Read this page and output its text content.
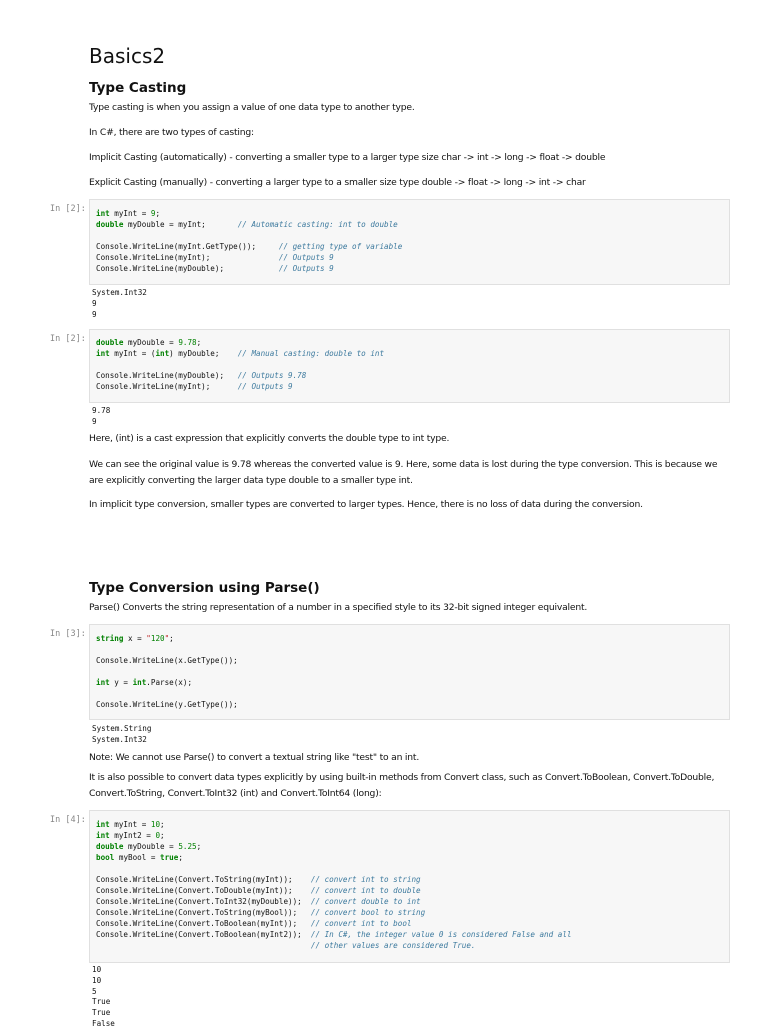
Basics2
Type Casting

Type casting is when you assign a value of one data type to another type.

In C#, there are two types of casting:

Implicit Casting (automatically) - converting a smaller type to a larger type size char -> int -> long -> float -> double

Explicit Casting (manually) - converting a larger type to a smaller size type double -> float -> long -> int -> char

In [2]: int myInt = 9;
double myDouble = myInt;       // Automatic casting: int to double

Console.WriteLine(myInt.GetType());	// getting type of variable
Console.WriteLine(myInt);	// Outputs 9
Console.WriteLine(myDouble);	// Outputs 9
System.Int32
9
9
In [2]: double myDouble = 9.78;
int myInt = (int) myDouble;    // Manual casting: double to int

Console.WriteLine(myDouble);   // Outputs 9.78
Console.WriteLine(myInt);	// Outputs 9
9.78
9

Here, (int) is a cast expression that explicitly converts the double type to int type.

We can see the original value is 9.78 whereas the converted value is 9. Here, some data is lost during the type conversion. This is because we are explicitly converting the larger data type double to a smaller type int.

In implicit type conversion, smaller types are converted to larger types. Hence, there is no loss of data during the conversion.

Type Conversion using Parse()

Parse() Converts the string representation of a number in a specified style to its 32-bit signed integer equivalent.

In [3]: string x = "120";

Console.WriteLine(x.GetType());

int y = int.Parse(x);

Console.WriteLine(y.GetType());
System.String
System.Int32

Note: We cannot use Parse() to convert a textual string like "test" to an int.

It is also possible to convert data types explicitly by using built-in methods from Convert class, such as Convert.ToBoolean, Convert.ToDouble, Convert.ToString, Convert.ToInt32 (int) and Convert.ToInt64 (long):

In [4]: int myInt = 10;
int myInt2 = 0;
double myDouble = 5.25;
bool myBool = true;

Console.WriteLine(Convert.ToString(myInt));    // convert int to string
Console.WriteLine(Convert.ToDouble(myInt));    // convert int to double
Console.WriteLine(Convert.ToInt32(myDouble));  // convert double to int
Console.WriteLine(Convert.ToString(myBool));   // convert bool to string
Console.WriteLine(Convert.ToBoolean(myInt));   // convert int to bool
Console.WriteLine(Convert.ToBoolean(myInt2));  // In C#, the integer value 0 is considered False and all
// other values are considered True.
10
10
5
True
True
False
